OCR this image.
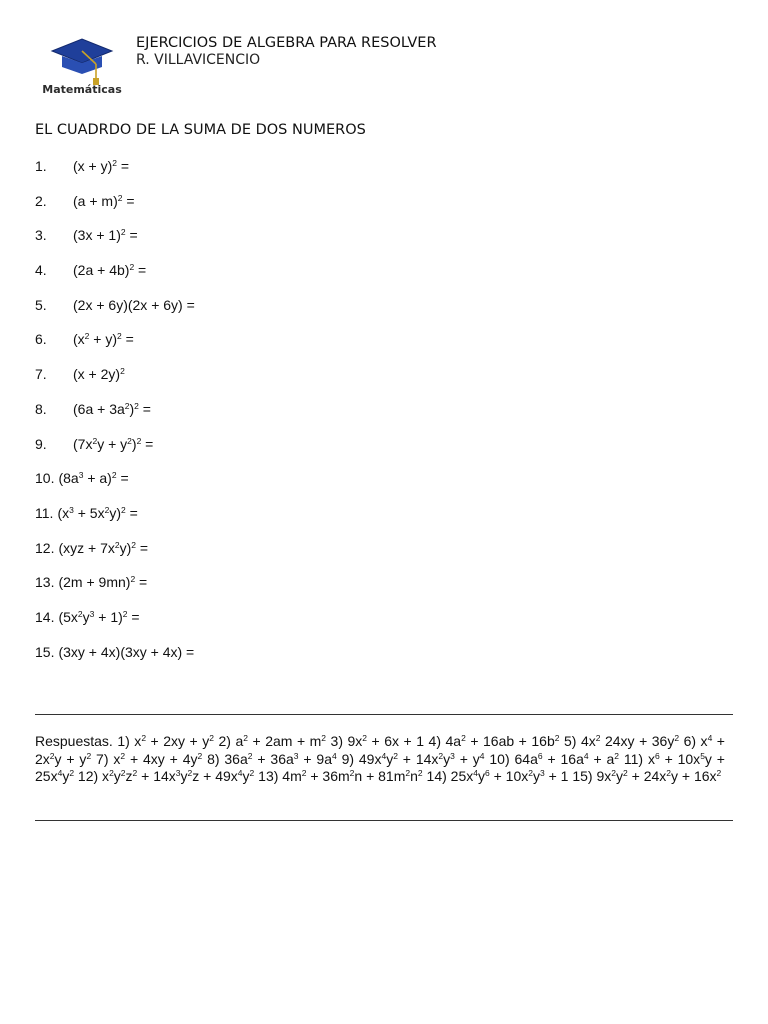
Matemáticas
EJERCICIOS DE ALGEBRA PARA RESOLVER
R. VILLAVICENCIO
EL CUADRDO DE LA SUMA DE DOS NUMEROS
1. $(x + y)^2$ =
2. $(a + m)^2$ =
3. $(3x + 1)^2$ =
4. $(2a + 4b)^2$ =
5. (2x + 6y)(2x + 6y) =
6. $(x^2 + y)^2$ =
7. $(x + 2y)^2$
8. $(6a + 3a^2)^2$ =
9. $(7x^2y + y^2)^2$ =
10. $(8a^3 + a)^2$ =
11. $(x^3 + 5x^2y)^2$ =
12. $(xyz + 7x^2y)^2$ =
13. $(2m + 9mn)^2$ =
14. $(5x^2y^3 + 1)^2$ =
15. (3xy + 4x)(3xy + 4x) =
Respuestas. 1) $x^2 + 2xy + y^2$ 2) $a^2 + 2am + m^2$ 3) $9x^2 + 6x + 1$ 4) $4a^2 + 16ab + 16b^2$ 5) $4x^2$ $24xy + 36y^2$ 6) $x^4 + 2x^2y + y^2$ 7) $x^2 + 4xy + 4y^2$ 8) $36a^2 + 36a^3 + 9a^4$ 9) $49x^4y^2 + 14x^2y^3 + y^4$ 10) $64a^6 + 16a^4 + a^2$ 11) $x^6 + 10x^5y + 25x^4y^2$ 12) $x^2y^2z^2 + 14x^3y^2z + 49x^4y^2$ 13) $4m^2 + 36m^2n + 81m^2n^2$ 14) $25x^4y^6 + 10x^2y^3 + 1$ 15) $9x^2y^2 + 24x^2y + 16x^2$
